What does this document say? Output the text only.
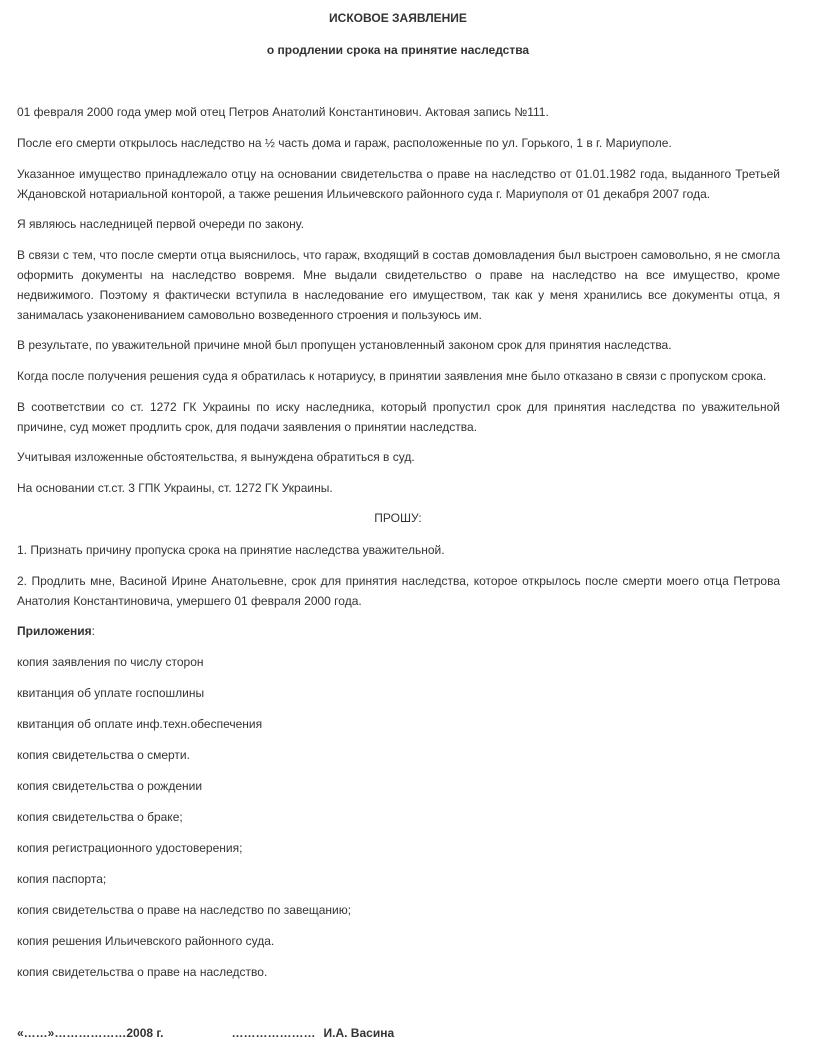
ИСКОВОЕ ЗАЯВЛЕНИЕ

о продлении срока на принятие наследства

01 февраля 2000 года умер мой отец Петров Анатолий Константинович. Актовая запись №111.

После его смерти открылось наследство на ½ часть дома и гараж, расположенные по ул. Горького, 1 в г. Мариуполе.

Указанное имущество принадлежало отцу на основании свидетельства о праве на наследство от 01.01.1982 года, выданного Третьей Ждановской нотариальной конторой, а также решения Ильичевского районного суда г. Мариуполя от 01 декабря 2007 года.

Я являюсь наследницей первой очереди по закону.

В связи с тем, что после смерти отца выяснилось, что гараж, входящий в состав домовладения был выстроен самовольно, я не смогла оформить документы на наследство вовремя. Мне выдали свидетельство о праве на наследство на все имущество, кроме недвижимого. Поэтому я фактически вступила в наследование его имуществом, так как у меня хранились все документы отца, я занималась узаконениванием самовольно возведенного строения и пользуюсь им.

В результате, по уважительной причине мной был пропущен установленный законом срок для принятия наследства.

Когда после получения решения суда я обратилась к нотариусу, в принятии заявления мне было отказано в связи с пропуском срока.

В соответствии со ст. 1272 ГК Украины по иску наследника, который пропустил срок для принятия наследства по уважительной причине, суд может продлить срок, для подачи заявления о принятии наследства.

Учитывая изложенные обстоятельства, я вынуждена обратиться в суд.

На основании ст.ст. 3 ГПК Украины, ст. 1272 ГК Украины.

ПРОШУ:

1. Признать причину пропуска срока на принятие наследства уважительной.

2. Продлить мне, Васиной Ирине Анатольевне, срок для принятия наследства, которое открылось после смерти моего отца Петрова Анатолия Константиновича, умершего 01 февраля 2000 года.

Приложения:

копия заявления по числу сторон

квитанция об уплате госпошлины

квитанция об оплате инф.техн.обеспечения

копия свидетельства о смерти.

копия свидетельства о рождении

копия свидетельства о браке;

копия регистрационного удостоверения;

копия паспорта;

копия свидетельства о праве на наследство по завещанию;

копия решения Ильичевского районного суда.

копия свидетельства о праве на наследство.

«……»………………2008 г.	………………… И.А. Васина
